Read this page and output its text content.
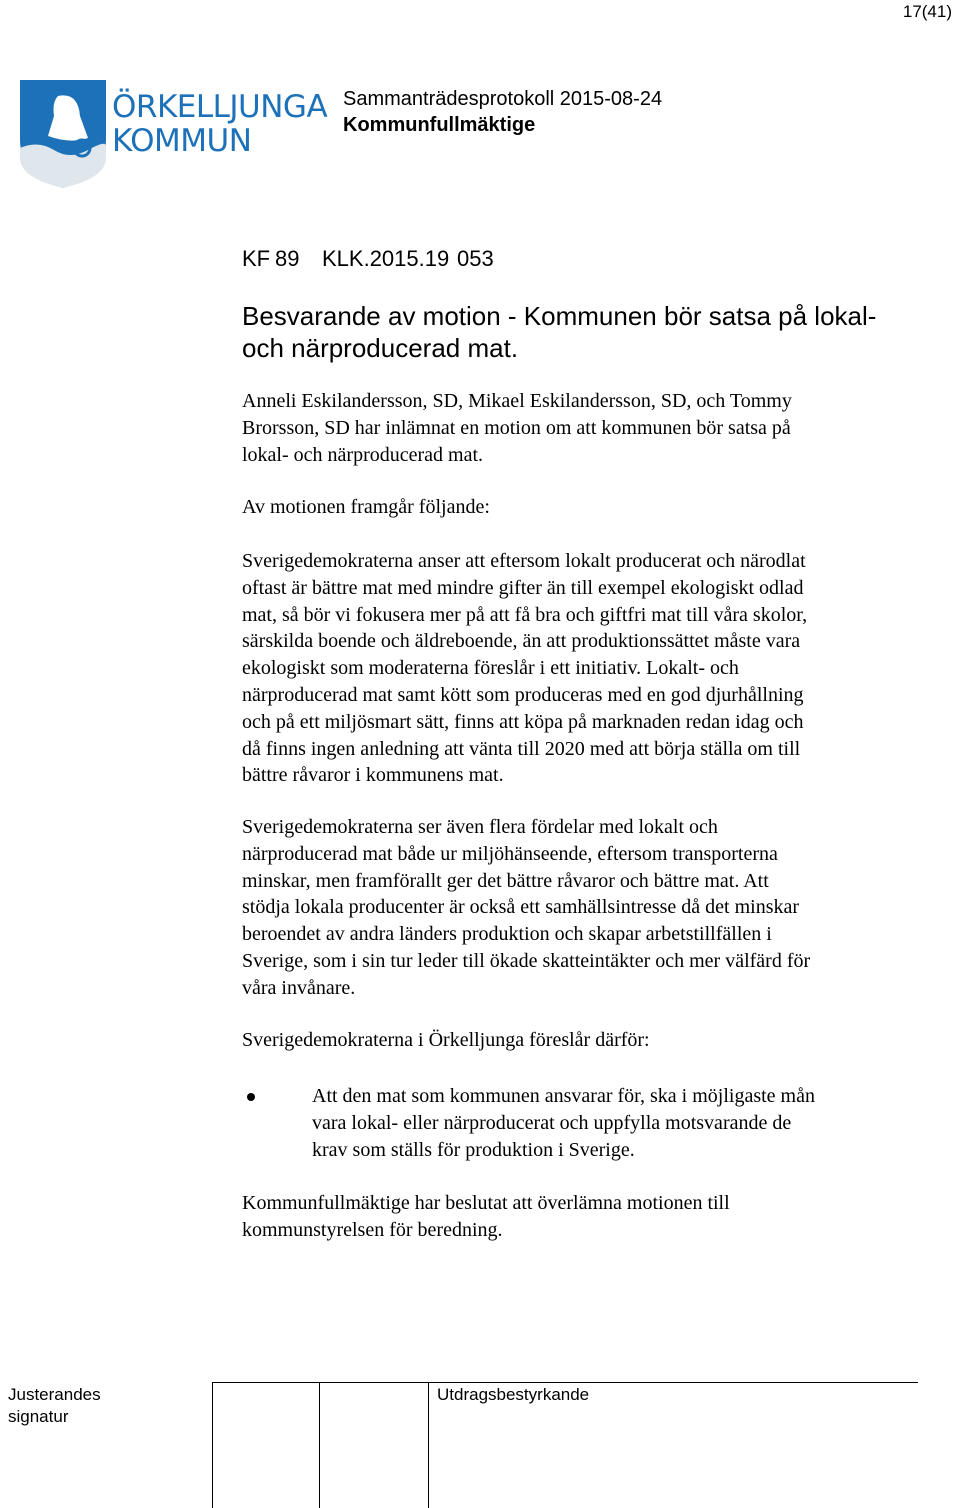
17(41)
ÖRKELLJUNGA
KOMMUN
Sammanträdesprotokoll 2015-08-24
Kommunfullmäktige
KF 89 KLK.2015.19 053
Besvarande av motion - Kommunen bör satsa på lokal-
och närproducerad mat.
Anneli Eskilandersson, SD, Mikael Eskilandersson, SD, och Tommy
Brorsson, SD har inlämnat en motion om att kommunen bör satsa på
lokal- och närproducerad mat.
Av motionen framgår följande:
Sverigedemokraterna anser att eftersom lokalt producerat och närodlat
oftast är bättre mat med mindre gifter än till exempel ekologiskt odlad
mat, så bör vi fokusera mer på att få bra och giftfri mat till våra skolor,
särskilda boende och äldreboende, än att produktionssättet måste vara
ekologiskt som moderaterna föreslår i ett initiativ. Lokalt- och
närproducerad mat samt kött som produceras med en god djurhållning
och på ett miljösmart sätt, finns att köpa på marknaden redan idag och
då finns ingen anledning att vänta till 2020 med att börja ställa om till
bättre råvaror i kommunens mat.
Sverigedemokraterna ser även flera fördelar med lokalt och
närproducerad mat både ur miljöhänseende, eftersom transporterna
minskar, men framförallt ger det bättre råvaror och bättre mat. Att
stödja lokala producenter är också ett samhällsintresse då det minskar
beroendet av andra länders produktion och skapar arbetstillfällen i
Sverige, som i sin tur leder till ökade skatteintäkter och mer välfärd för
våra invånare.
Sverigedemokraterna i Örkelljunga föreslår därför:
Att den mat som kommunen ansvarar för, ska i möjligaste mån
vara lokal- eller närproducerat och uppfylla motsvarande de
krav som ställs för produktion i Sverige.
Kommunfullmäktige har beslutat att överlämna motionen till
kommunstyrelsen för beredning.
Justerandes
signatur
Utdragsbestyrkande
